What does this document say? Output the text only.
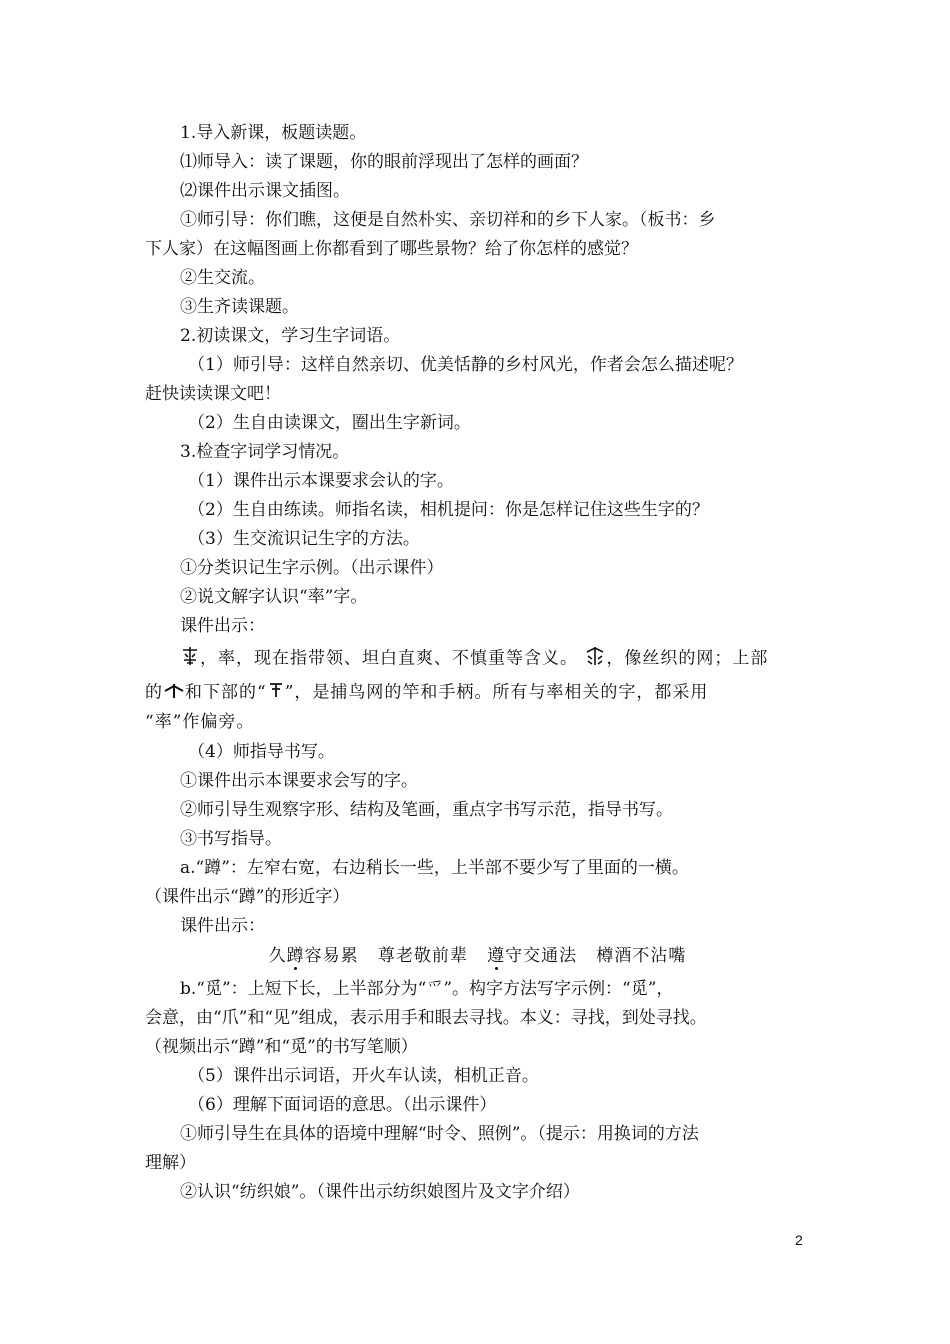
1.导入新课，板题读题。
⑴师导入：读了课题，你的眼前浮现出了怎样的画面？
⑵课件出示课文插图。
①师引导：你们瞧，这便是自然朴实、亲切祥和的乡下人家。（板书：乡
下人家）在这幅图画上你都看到了哪些景物？给了你怎样的感觉？
②生交流。
③生齐读课题。
2.初读课文，学习生字词语。
（1）师引导：这样自然亲切、优美恬静的乡村风光，作者会怎么描述呢？
赶快读读课文吧！
（2）生自由读课文，圈出生字新词。
3.检查字词学习情况。
（1）课件出示本课要求会认的字。
（2）生自由练读。师指名读，相机提问：你是怎样记住这些生字的？
（3）生交流识记生字的方法。
①分类识记生字示例。（出示课件）
②说文解字认识“率”字。
课件出示：
，率，现在指带领、坦白直爽、不慎重等含义。 ，像丝织的网；上部
的 和下部的“ ”，是捕鸟网的竿和手柄。所有与率相关的字，都采用
“率”作偏旁。
（4）师指导书写。
①课件出示本课要求会写的字。
②师引导生观察字形、结构及笔画，重点字书写示范，指导书写。
③书写指导。
a.“蹲”：左窄右宽，右边稍长一些，上半部不要少写了里面的一横。
（课件出示“蹲”的形近字）
课件出示：
久蹲容易累 尊老敬前辈 遵守交通法 樽酒不沾嘴
b.“觅”：上短下长，上半部分为“爫”。构字方法写字示例：“觅”，
会意，由“爪”和“见”组成，表示用手和眼去寻找。本义：寻找，到处寻找。
（视频出示“蹲”和“觅”的书写笔顺）
（5）课件出示词语，开火车认读，相机正音。
（6）理解下面词语的意思。（出示课件）
①师引导生在具体的语境中理解“时令、照例”。（提示：用换词的方法
理解）
②认识“纺织娘”。（课件出示纺织娘图片及文字介绍）
2
